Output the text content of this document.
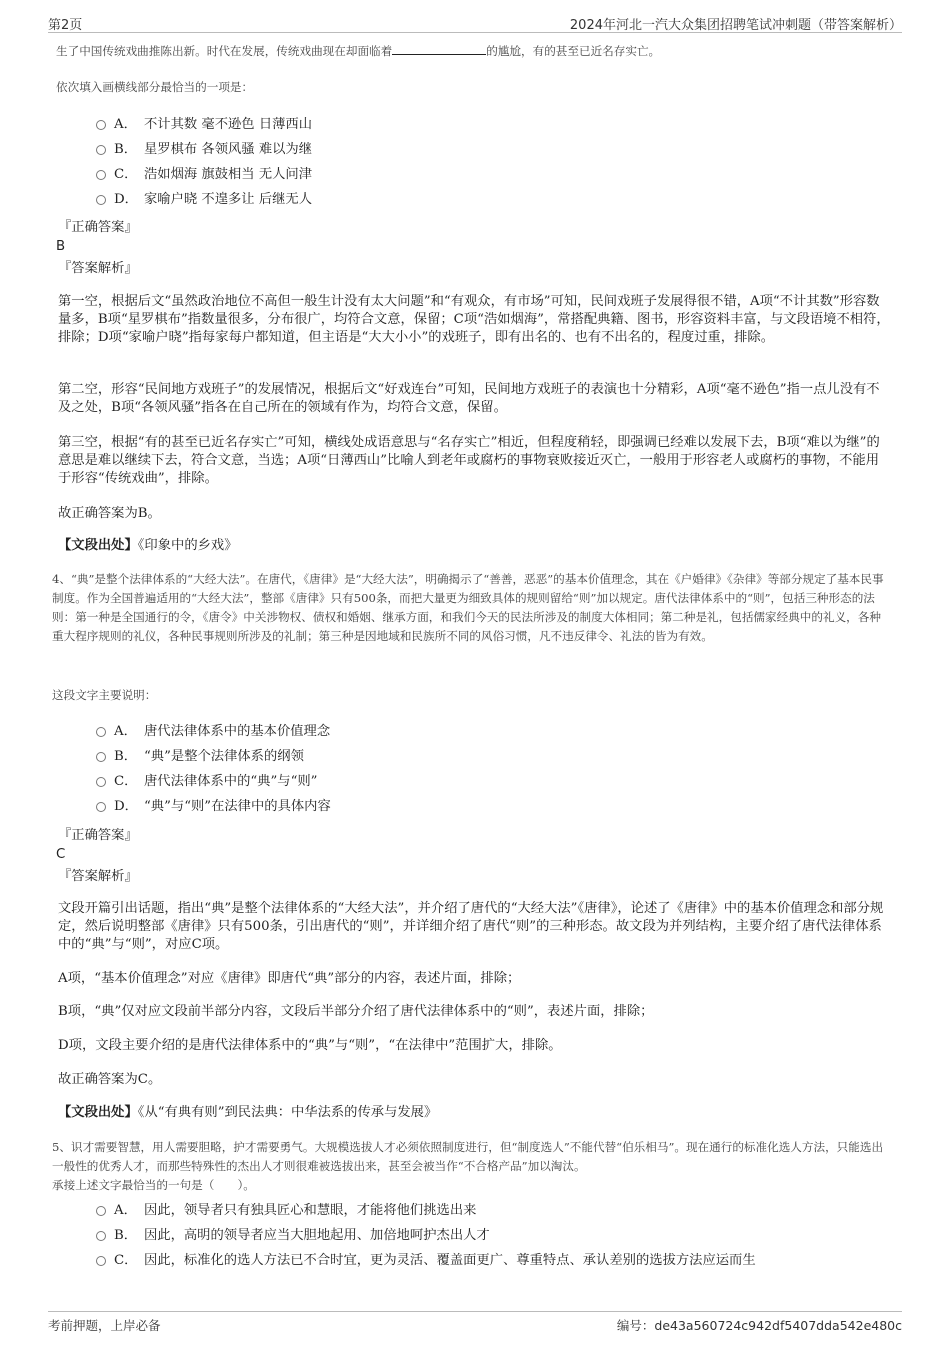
第2页	2024年河北一汽大众集团招聘笔试冲刺题（带答案解析）
生了中国传统戏曲推陈出新。时代在发展，传统戏曲现在却面临着	的尴尬，有的甚至已近名存实亡。
依次填入画横线部分最恰当的一项是：
A． 不计其数 毫不逊色 日薄西山
B． 星罗棋布 各领风骚 难以为继
C． 浩如烟海 旗鼓相当 无人问津
D． 家喻户晓 不遑多让 后继无人
『正确答案』
B
『答案解析』
第一空，根据后文“虽然政治地位不高但一般生计没有太大问题”和“有观众，有市场”可知，民间戏班子发展得很不错，A项“不计其数”形容数量多，B项“星罗棋布”指数量很多，分布很广，均符合文意，保留；C项“浩如烟海”，常搭配典籍、图书，形容资料丰富，与文段语境不相符，排除；D项“家喻户晓”指每家每户都知道，但主语是“大大小小”的戏班子，即有出名的、也有不出名的，程度过重，排除。
第二空，形容“民间地方戏班子”的发展情况，根据后文“好戏连台”可知，民间地方戏班子的表演也十分精彩，A项“毫不逊色”指一点儿没有不及之处，B项“各领风骚”指各在自己所在的领域有作为，均符合文意，保留。
第三空，根据“有的甚至已近名存实亡”可知，横线处成语意思与“名存实亡”相近，但程度稍轻，即强调已经难以发展下去，B项“难以为继”的意思是难以继续下去，符合文意，当选；A项“日薄西山”比喻人到老年或腐朽的事物衰败接近灭亡，一般用于形容老人或腐朽的事物，不能用于形容“传统戏曲”，排除。
故正确答案为B。
【文段出处】《印象中的乡戏》
4、“典”是整个法律体系的“大经大法”。在唐代，《唐律》是“大经大法”，明确揭示了“善善，恶恶”的基本价值理念，其在《户婚律》《杂律》等部分规定了基本民事制度。作为全国普遍适用的“大经大法”，整部《唐律》只有500条，而把大量更为细致具体的规则留给“则”加以规定。唐代法律体系中的“则”，包括三种形态的法则：第一种是全国通行的令，《唐令》中关涉物权、债权和婚姻、继承方面，和我们今天的民法所涉及的制度大体相同；第二种是礼，包括儒家经典中的礼义，各种重大程序规则的礼仪，各种民事规则所涉及的礼制；第三种是因地域和民族所不同的风俗习惯，凡不违反律令、礼法的皆为有效。
这段文字主要说明：
A． 唐代法律体系中的基本价值理念
B． “典”是整个法律体系的纲领
C． 唐代法律体系中的“典”与“则”
D． “典”与“则”在法律中的具体内容
『正确答案』
C
『答案解析』
文段开篇引出话题，指出“典”是整个法律体系的“大经大法”，并介绍了唐代的“大经大法”《唐律》，论述了《唐律》中的基本价值理念和部分规定，然后说明整部《唐律》只有500条，引出唐代的“则”，并详细介绍了唐代“则”的三种形态。故文段为并列结构，主要介绍了唐代法律体系中的“典”与“则”，对应C项。
A项，“基本价值理念”对应《唐律》即唐代“典”部分的内容，表述片面，排除；
B项，“典”仅对应文段前半部分内容，文段后半部分介绍了唐代法律体系中的“则”，表述片面，排除；
D项，文段主要介绍的是唐代法律体系中的“典”与“则”，“在法律中”范围扩大，排除。
故正确答案为C。
【文段出处】《从“有典有则”到民法典：中华法系的传承与发展》
5、识才需要智慧，用人需要胆略，护才需要勇气。大规模选拔人才必须依照制度进行，但“制度选人”不能代替“伯乐相马”。现在通行的标准化选人方法，只能选出一般性的优秀人才，而那些特殊性的杰出人才则很难被选拔出来，甚至会被当作“不合格产品”加以淘汰。
承接上述文字最恰当的一句是（　　）。
A． 因此，领导者只有独具匠心和慧眼，才能将他们挑选出来
B． 因此，高明的领导者应当大胆地起用、加倍地呵护杰出人才
C． 因此，标准化的选人方法已不合时宜，更为灵活、覆盖面更广、尊重特点、承认差别的选拔方法应运而生
考前押题，上岸必备	编号：de43a560724c942df5407dda542e480c
